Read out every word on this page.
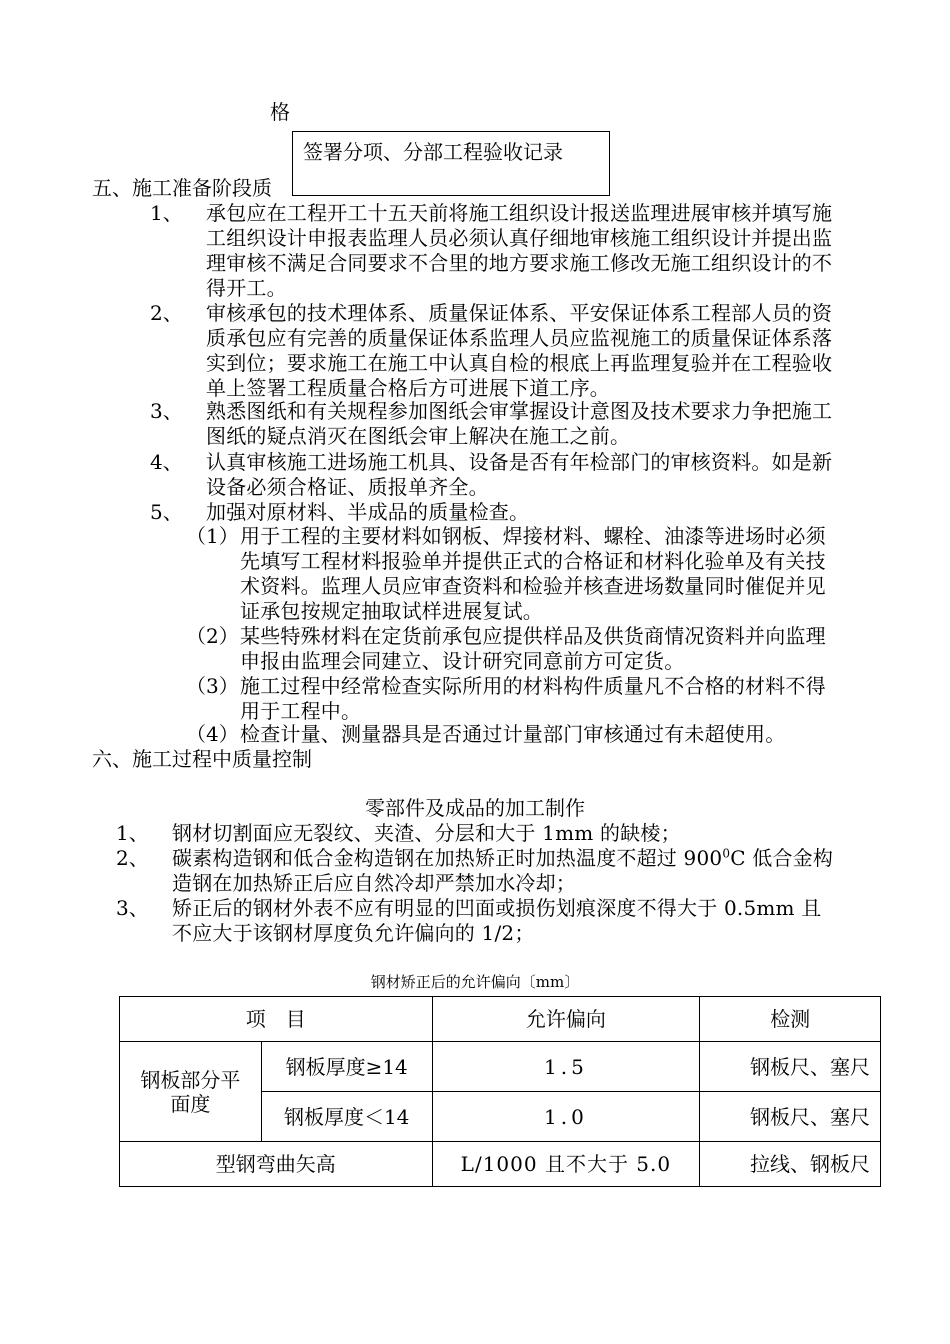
格
签署分项、分部工程验收记录
五、施工准备阶段质
1、 承包应在工程开工十五天前将施工组织设计报送监理进展审核并填写施工组织设计申报表监理人员必须认真仔细地审核施工组织设计并提出监理审核不满足合同要求不合里的地方要求施工修改无施工组织设计的不得开工。
2、 审核承包的技术理体系、质量保证体系、平安保证体系工程部人员的资质承包应有完善的质量保证体系监理人员应监视施工的质量保证体系落实到位；要求施工在施工中认真自检的根底上再监理复验并在工程验收单上签署工程质量合格后方可进展下道工序。
3、 熟悉图纸和有关规程参加图纸会审掌握设计意图及技术要求力争把施工图纸的疑点消灭在图纸会审上解决在施工之前。
4、 认真审核施工进场施工机具、设备是否有年检部门的审核资料。如是新设备必须合格证、质报单齐全。
5、 加强对原材料、半成品的质量检查。
（1） 用于工程的主要材料如钢板、焊接材料、螺栓、油漆等进场时必须先填写工程材料报验单并提供正式的合格证和材料化验单及有关技术资料。监理人员应审查资料和检验并核查进场数量同时催促并见证承包按规定抽取试样进展复试。
（2） 某些特殊材料在定货前承包应提供样品及供货商情况资料并向监理申报由监理会同建立、设计研究同意前方可定货。
（3） 施工过程中经常检查实际所用的材料构件质量凡不合格的材料不得用于工程中。
（4） 检查计量、测量器具是否通过计量部门审核通过有未超使用。
六、施工过程中质量控制
零部件及成品的加工制作
1、 钢材切割面应无裂纹、夹渣、分层和大于 1mm 的缺棱；
2、 碳素构造钢和低合金构造钢在加热矫正时加热温度不超过 $900^0C$ 低合金构造钢在加热矫正后应自然冷却严禁加水冷却；
3、 矫正后的钢材外表不应有明显的凹面或损伤划痕深度不得大于 0.5mm 且不应大于该钢材厚度负允许偏向的 1/2；
钢材矫正后的允许偏向〔mm〕
项　目		允许偏向	检测
钢板部分平面度	钢板厚度≥14	1.5	钢板尺、塞尺
	钢板厚度＜14	1.0	钢板尺、塞尺
型钢弯曲矢高		L/1000 且不大于 5.0	拉线、钢板尺
